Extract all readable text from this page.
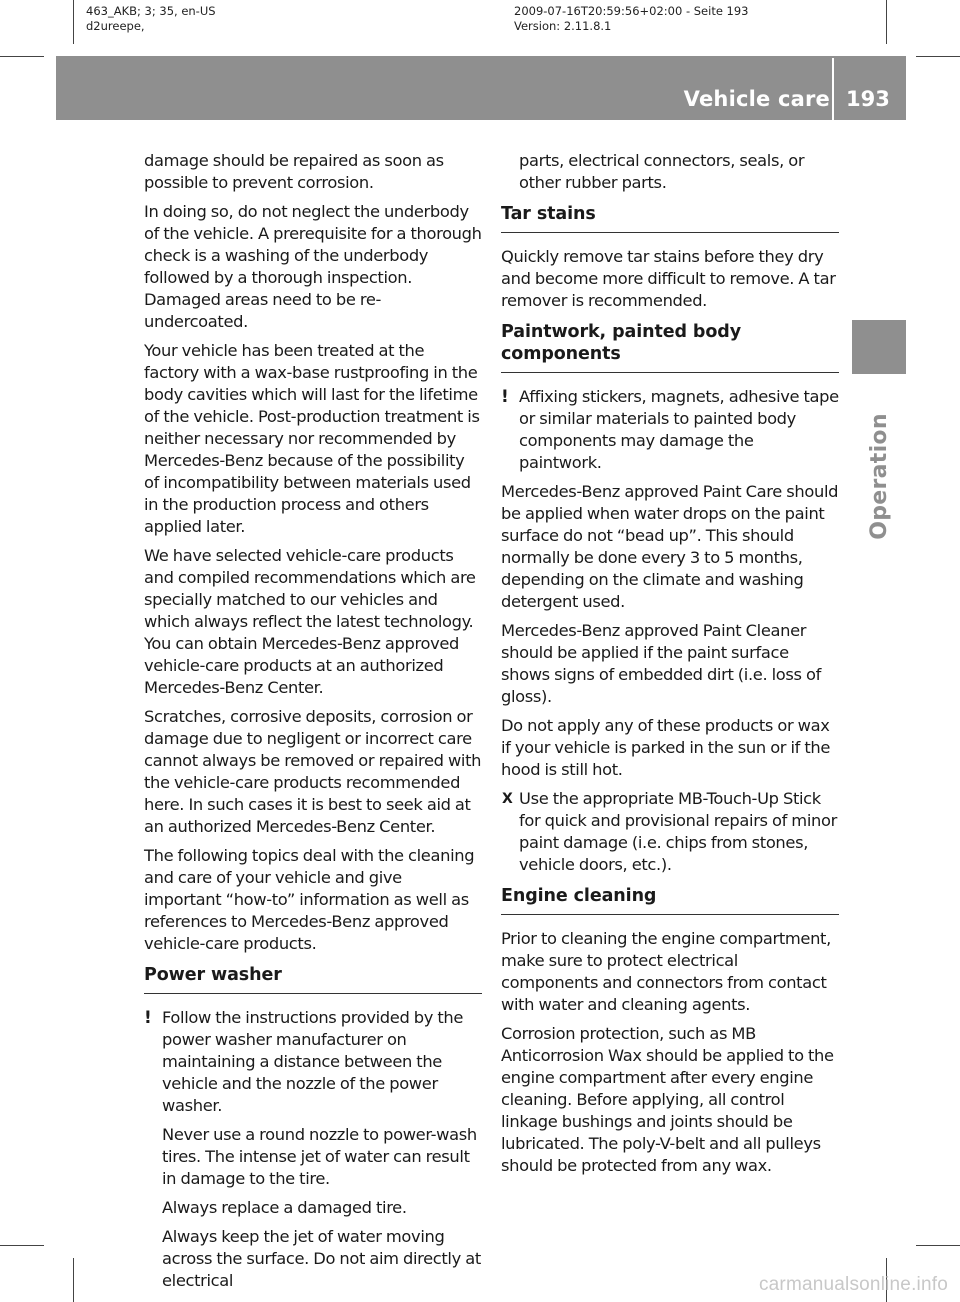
463_AKB; 3; 35, en-US
d2ureepe,
2009-07-16T20:59:56+02:00 - Seite 193
Version: 2.11.8.1
Vehicle care 193
Operation

damage should be repaired as soon as possible to prevent corrosion.

In doing so, do not neglect the underbody of the vehicle. A prerequisite for a thorough check is a washing of the underbody followed by a thorough inspection. Damaged areas need to be re-undercoated.

Your vehicle has been treated at the factory with a wax-base rustproofing in the body cavities which will last for the lifetime of the vehicle. Post-production treatment is neither necessary nor recommended by Mercedes-Benz because of the possibility of incompatibility between materials used in the production process and others applied later.

We have selected vehicle-care products and compiled recommendations which are specially matched to our vehicles and which always reflect the latest technology. You can obtain Mercedes-Benz approved vehicle-care products at an authorized Mercedes-Benz Center.

Scratches, corrosive deposits, corrosion or damage due to negligent or incorrect care cannot always be removed or repaired with the vehicle-care products recommended here. In such cases it is best to seek aid at an authorized Mercedes-Benz Center.

The following topics deal with the cleaning and care of your vehicle and give important “how-to” information as well as references to Mercedes-Benz approved vehicle-care products.

Power washer
! Follow the instructions provided by the power washer manufacturer on maintaining a distance between the vehicle and the nozzle of the power washer.

Never use a round nozzle to power-wash tires. The intense jet of water can result in damage to the tire.

Always replace a damaged tire.

Always keep the jet of water moving across the surface. Do not aim directly at electrical

parts, electrical connectors, seals, or other rubber parts.

Tar stains

Quickly remove tar stains before they dry and become more difficult to remove. A tar remover is recommended.

Paintwork, painted body components
! Affixing stickers, magnets, adhesive tape or similar materials to painted body components may damage the paintwork.

Mercedes-Benz approved Paint Care should be applied when water drops on the paint surface do not “bead up”. This should normally be done every 3 to 5 months, depending on the climate and washing detergent used.

Mercedes-Benz approved Paint Cleaner should be applied if the paint surface shows signs of embedded dirt (i.e. loss of gloss).

Do not apply any of these products or wax if your vehicle is parked in the sun or if the hood is still hot.

X Use the appropriate MB-Touch-Up Stick for quick and provisional repairs of minor paint damage (i.e. chips from stones, vehicle doors, etc.).

Engine cleaning

Prior to cleaning the engine compartment, make sure to protect electrical components and connectors from contact with water and cleaning agents.

Corrosion protection, such as MB Anticorrosion Wax should be applied to the engine compartment after every engine cleaning. Before applying, all control linkage bushings and joints should be lubricated. The poly-V-belt and all pulleys should be protected from any wax.

carmanualsonline.info
